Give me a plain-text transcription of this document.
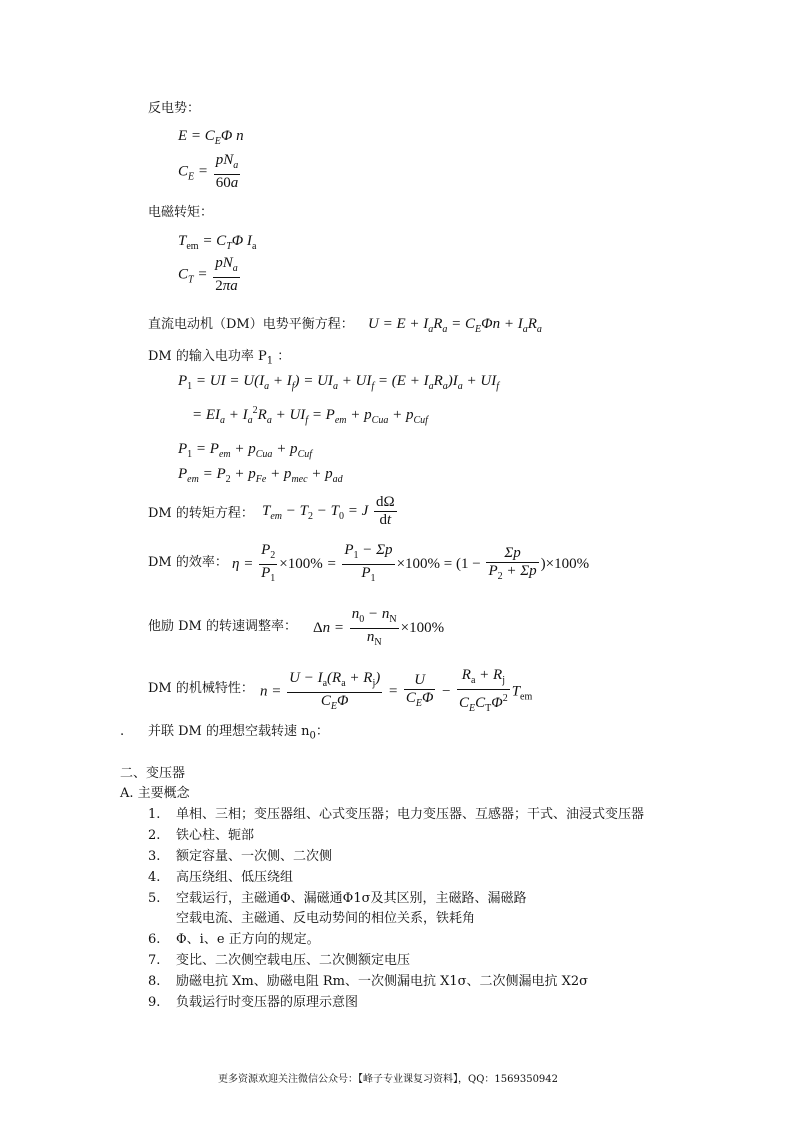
反电势：
$E = C_E\Phi$ n
$C_E = \frac{pN_a}{60a}$
电磁转矩：
$T_{em} = C_T\Phi$ $I_a$
$C_T = \frac{pN_a}{2\pi a}$
直流电动机（DM）电势平衡方程： $U = E + I_aR_a = C_E\Phi n + I_aR_a$
DM 的输入电功率 $P_1$ ：
$P_1$ = UI = $U(I_a + I_f) = UI_a + UI_f = (E + I_aR_a)I_a + UI_f$
= $EI_a + I_a^2R_a + UI_f = P_{em} + p_{Cua} + p_{Cuf}$
$P_1 = P_{em} + p_{Cua} + p_{Cuf}$
$P_{em} = P_2 + p_{Fe} + p_{mec} + p_{ad}$
DM 的转矩方程： $T_{em} - T_2 - T_0 = J \frac{d\Omega}{dt}$
DM 的效率： $\eta = \frac{P_2}{P_1} \times 100\% = \frac{P_1 - \Sigma p}{P_1} \times 100\% = (1 - \frac{\Sigma p}{P_2 + \Sigma p} )\times 100\%$
他励 DM 的转速调整率： $\Delta n = \frac{n_0 - n_N}{n_N} \times 100\%$
DM 的机械特性： $n = \frac{U - I_a(R_a + R_j)}{C_E\Phi} = \frac{U}{C_E\Phi} - \frac{R_a + R_j}{C_EC_T\Phi^2} T_{em}$
. 并联 DM 的理想空载转速 $n_0$：
二、变压器
A. 主要概念
1. 单相、三相；变压器组、心式变压器；电力变压器、互感器；干式、油浸式变压器
2. 铁心柱、轭部
3. 额定容量、一次侧、二次侧
4. 高压绕组、低压绕组
5. 空载运行，主磁通Φ、漏磁通Φ1σ及其区别，主磁路、漏磁路
空载电流、主磁通、反电动势间的相位关系，铁耗角
6. Φ、i、e 正方向的规定。
7. 变比、二次侧空载电压、二次侧额定电压
8. 励磁电抗 Xm、励磁电阻 Rm、一次侧漏电抗 X1σ、二次侧漏电抗 X2σ
9. 负载运行时变压器的原理示意图
更多资源欢迎关注微信公众号：【峰子专业课复习资料】，QQ：1569350942
